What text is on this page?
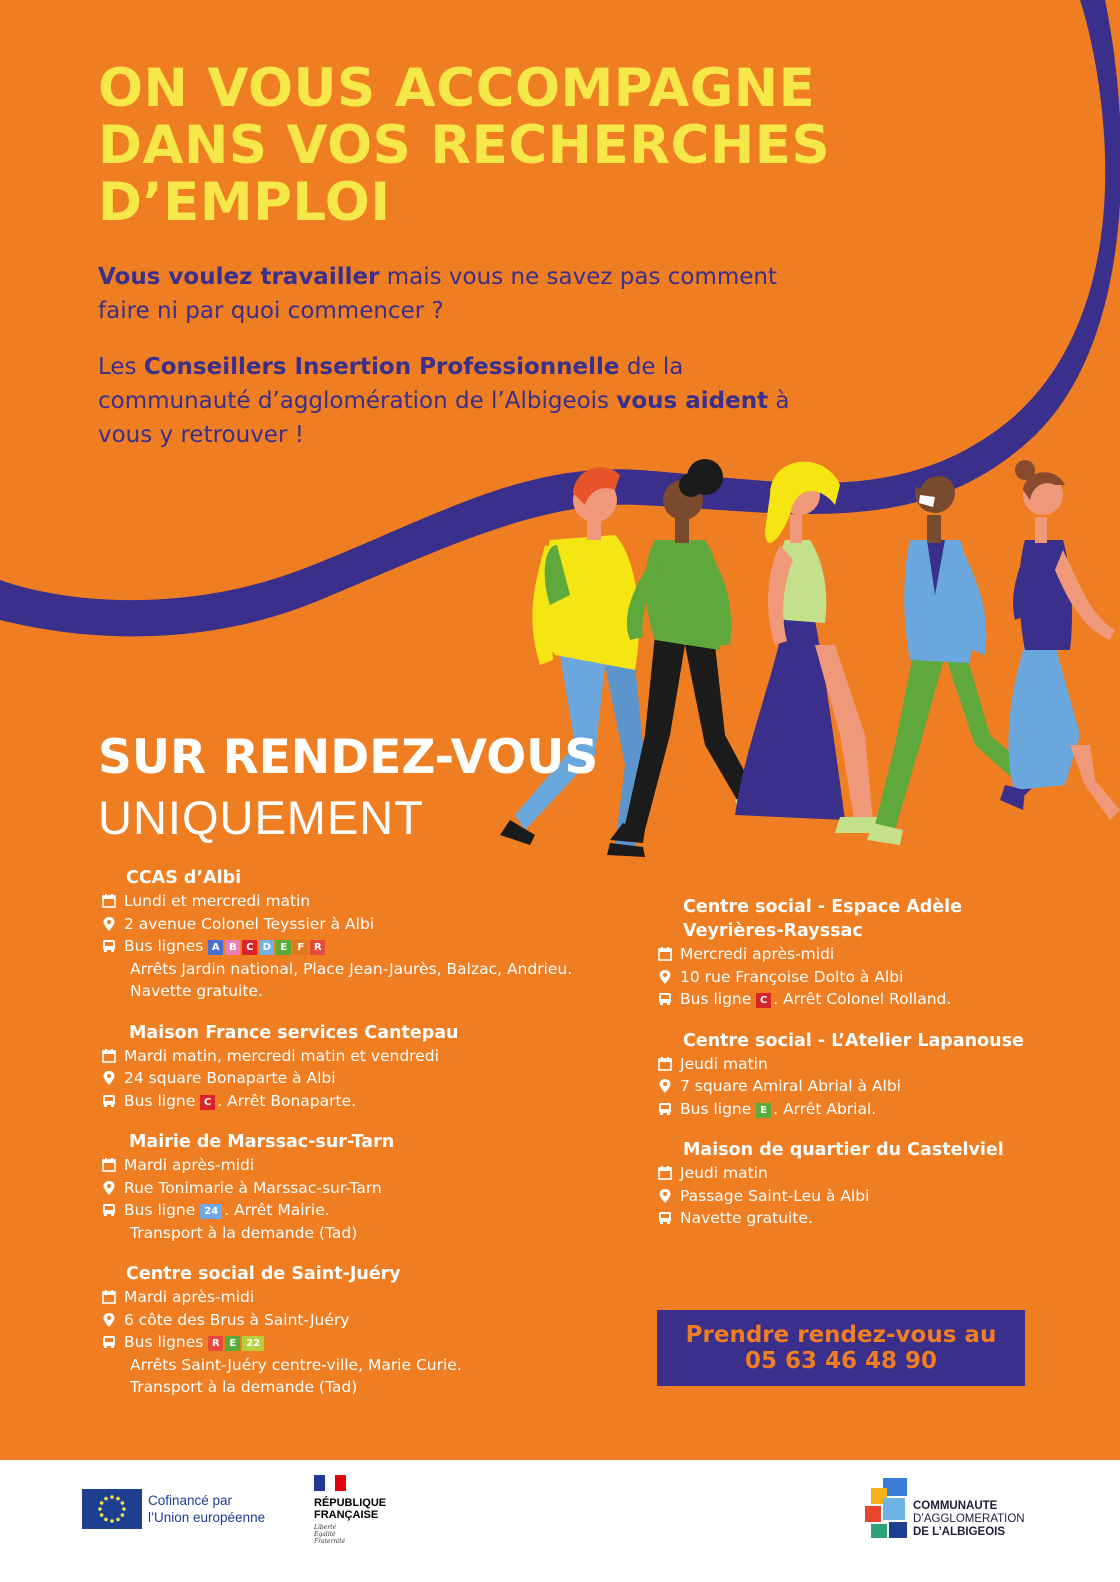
ON VOUS ACCOMPAGNE
DANS VOS RECHERCHES
D’EMPLOI

Vous voulez travailler mais vous ne savez pas comment faire ni par quoi commencer ?

Les Conseillers Insertion Professionnelle de la communauté d’agglomération de l’Albigeois vous aident à vous y retrouver !

SUR RENDEZ-VOUS
UNIQUEMENT
CCAS d’Albi
Lundi et mercredi matin
2 avenue Colonel Teyssier à Albi
Bus lignes A B C D E F R
Arrêts Jardin national, Place Jean-Jaurès, Balzac, Andrieu.
Navette gratuite.
Maison France services Cantepau
Mardi matin, mercredi matin et vendredi
24 square Bonaparte à Albi
Bus ligne C . Arrêt Bonaparte.
Mairie de Marssac-sur-Tarn
Mardi après-midi
Rue Tonimarie à Marssac-sur-Tarn
Bus ligne 24 . Arrêt Mairie.
Transport à la demande (Tad)
Centre social de Saint-Juéry
Mardi après-midi
6 côte des Brus à Saint-Juéry
Bus lignes R E 22
Arrêts Saint-Juéry centre-ville, Marie Curie.
Transport à la demande (Tad)
Centre social - Espace Adèle Veyrières-Rayssac
Mercredi après-midi
10 rue Françoise Dolto à Albi
Bus ligne C . Arrêt Colonel Rolland.
Centre social - L’Atelier Lapanouse
Jeudi matin
7 square Amiral Abrial à Albi
Bus ligne E . Arrêt Abrial.
Maison de quartier du Castelviel
Jeudi matin
Passage Saint-Leu à Albi
Navette gratuite.
Prendre rendez-vous au
05 63 46 48 90
Cofinancé par
l’Union européenne
RÉPUBLIQUE
FRANÇAISE
Liberté
Égalité
Fraternité
COMMUNAUTE
D’AGGLOMERATION
DE L’ALBIGEOIS
